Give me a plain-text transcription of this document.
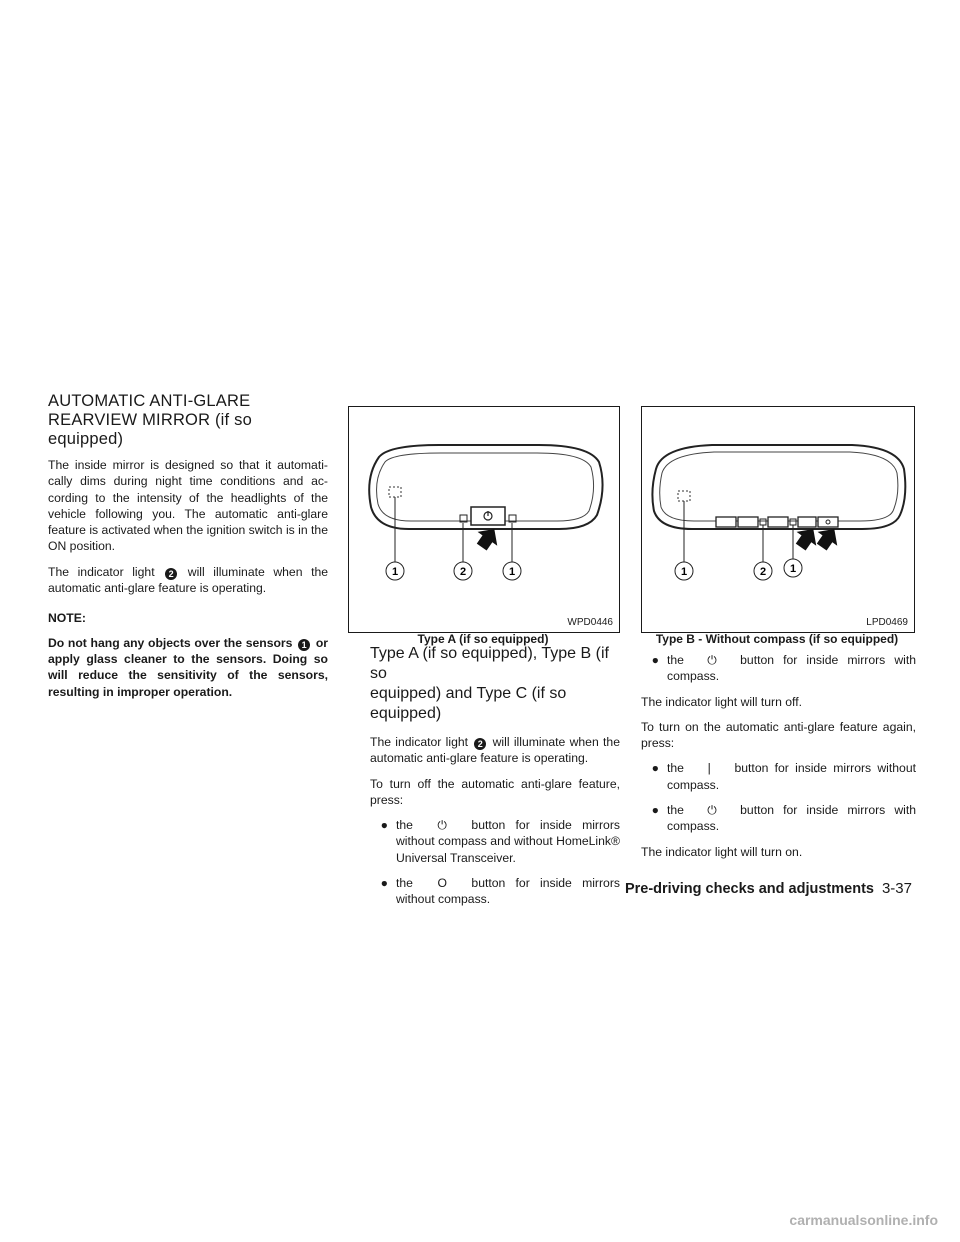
AUTOMATIC ANTI-GLARE
REARVIEW MIRROR (if so equipped)

The inside mirror is designed so that it automati-cally dims during night time conditions and ac-cording to the intensity of the headlights of the vehicle following you. The automatic anti-glare feature is activated when the ignition switch is in the ON position.

The indicator light 2 will illuminate when the automatic anti-glare feature is operating.

NOTE:

Do not hang any objects over the sensors 1 or apply glass cleaner to the sensors. Doing so will reduce the sensitivity of the sensors, resulting in improper operation.

1	2	1
WPD0446
Type A (if so equipped)
1	2 1
LPD0469
Type B - Without compass (if so equipped)
Type A (if so equipped), Type B (if so
equipped) and Type C (if so equipped)

The indicator light 2 will illuminate when the automatic anti-glare feature is operating.

To turn off the automatic anti-glare feature, press:

● the ⏻ button for inside mirrors without compass and without HomeLink® Universal Transceiver.
● the O button for inside mirrors without compass.
● the ⏻ button for inside mirrors with compass.

The indicator light will turn off.

To turn on the automatic anti-glare feature again, press:

● the | button for inside mirrors without compass.
● the ⏻ button for inside mirrors with compass.

The indicator light will turn on.

Pre-driving checks and adjustments 3-37
carmanualsonline.info
